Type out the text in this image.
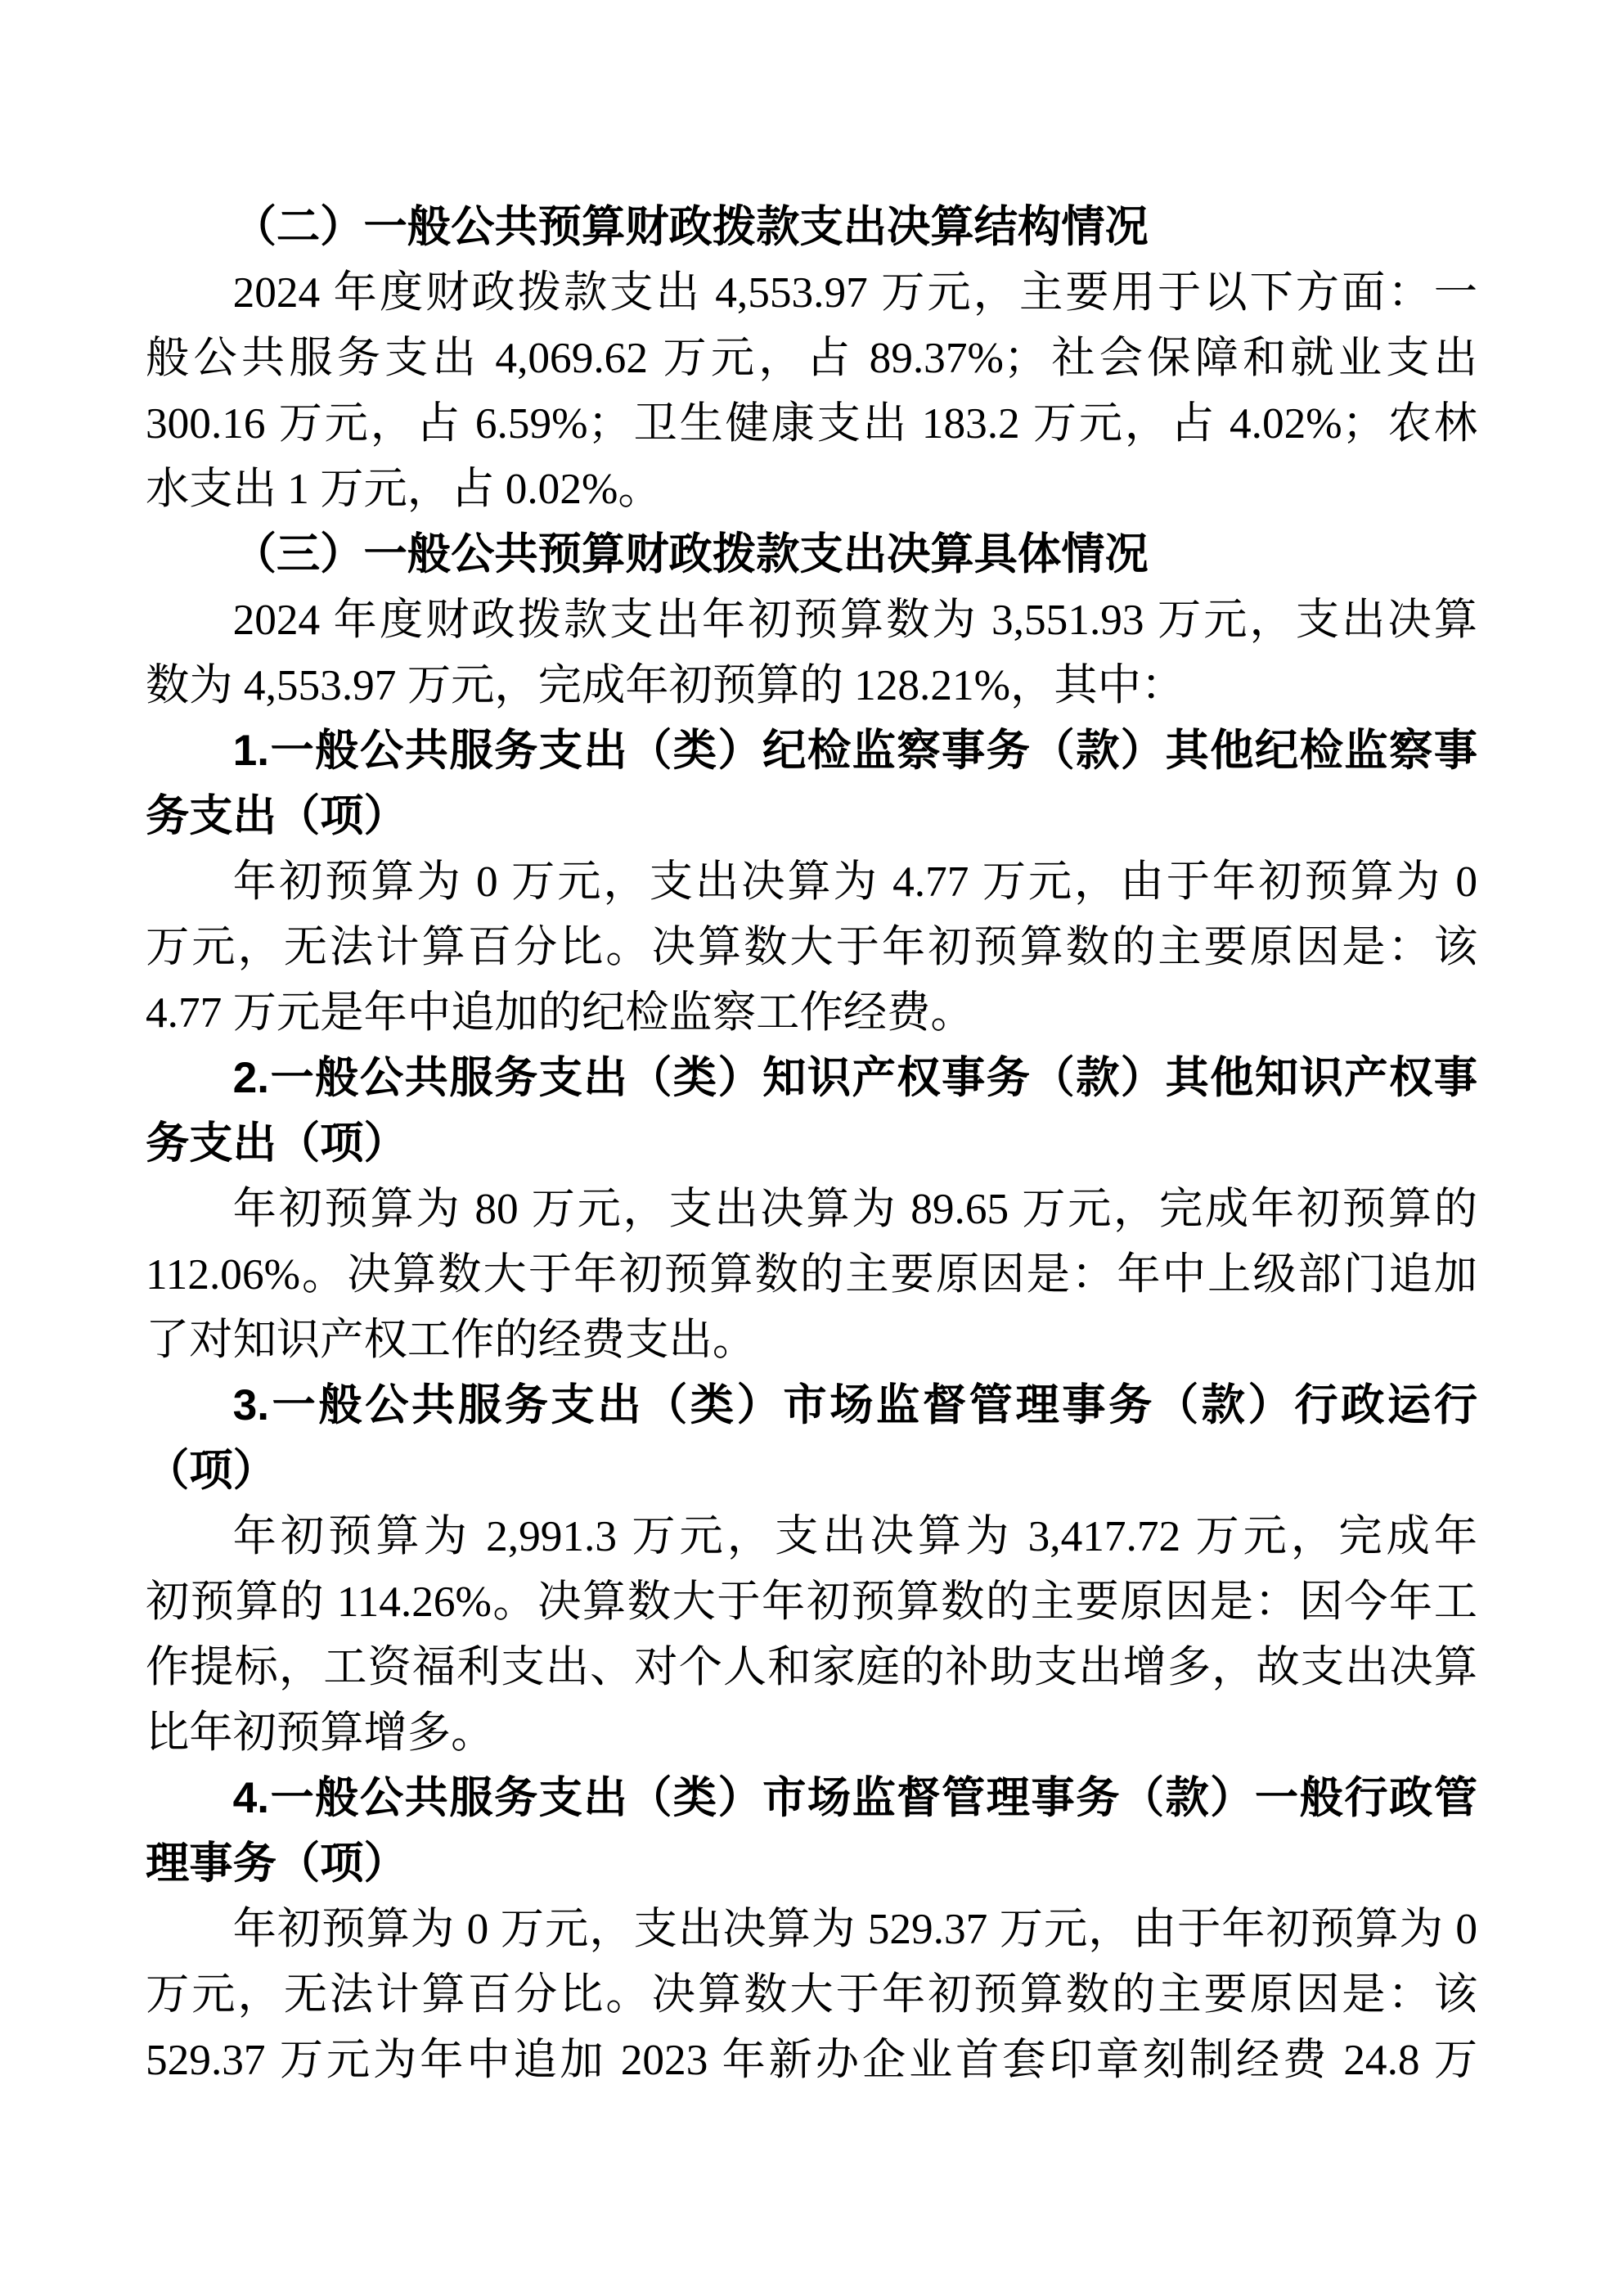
（二）一般公共预算财政拨款支出决算结构情况
2024 年度财政拨款支出 4,553.97 万元，主要用于以下方面：一
般公共服务支出 4,069.62 万元，占 89.37%；社会保障和就业支出
300.16 万元，占 6.59%；卫生健康支出 183.2 万元，占 4.02%；农林
水支出 1 万元，占 0.02%。
（三）一般公共预算财政拨款支出决算具体情况
2024 年度财政拨款支出年初预算数为 3,551.93 万元，支出决算
数为 4,553.97 万元，完成年初预算的 128.21%，其中：
1.一般公共服务支出（类）纪检监察事务（款）其他纪检监察事
务支出（项）
年初预算为 0 万元，支出决算为 4.77 万元，由于年初预算为 0
万元，无法计算百分比。决算数大于年初预算数的主要原因是：该
4.77 万元是年中追加的纪检监察工作经费。
2.一般公共服务支出（类）知识产权事务（款）其他知识产权事
务支出（项）
年初预算为 80 万元，支出决算为 89.65 万元，完成年初预算的
112.06%。决算数大于年初预算数的主要原因是：年中上级部门追加
了对知识产权工作的经费支出。
3.一般公共服务支出（类）市场监督管理事务（款）行政运行
（项）
年初预算为 2,991.3 万元，支出决算为 3,417.72 万元，完成年
初预算的 114.26%。决算数大于年初预算数的主要原因是：因今年工
作提标，工资福利支出、对个人和家庭的补助支出增多，故支出决算
比年初预算增多。
4.一般公共服务支出（类）市场监督管理事务（款）一般行政管
理事务（项）
年初预算为 0 万元，支出决算为 529.37 万元，由于年初预算为 0
万元，无法计算百分比。决算数大于年初预算数的主要原因是：该
529.37 万元为年中追加 2023 年新办企业首套印章刻制经费 24.8 万
